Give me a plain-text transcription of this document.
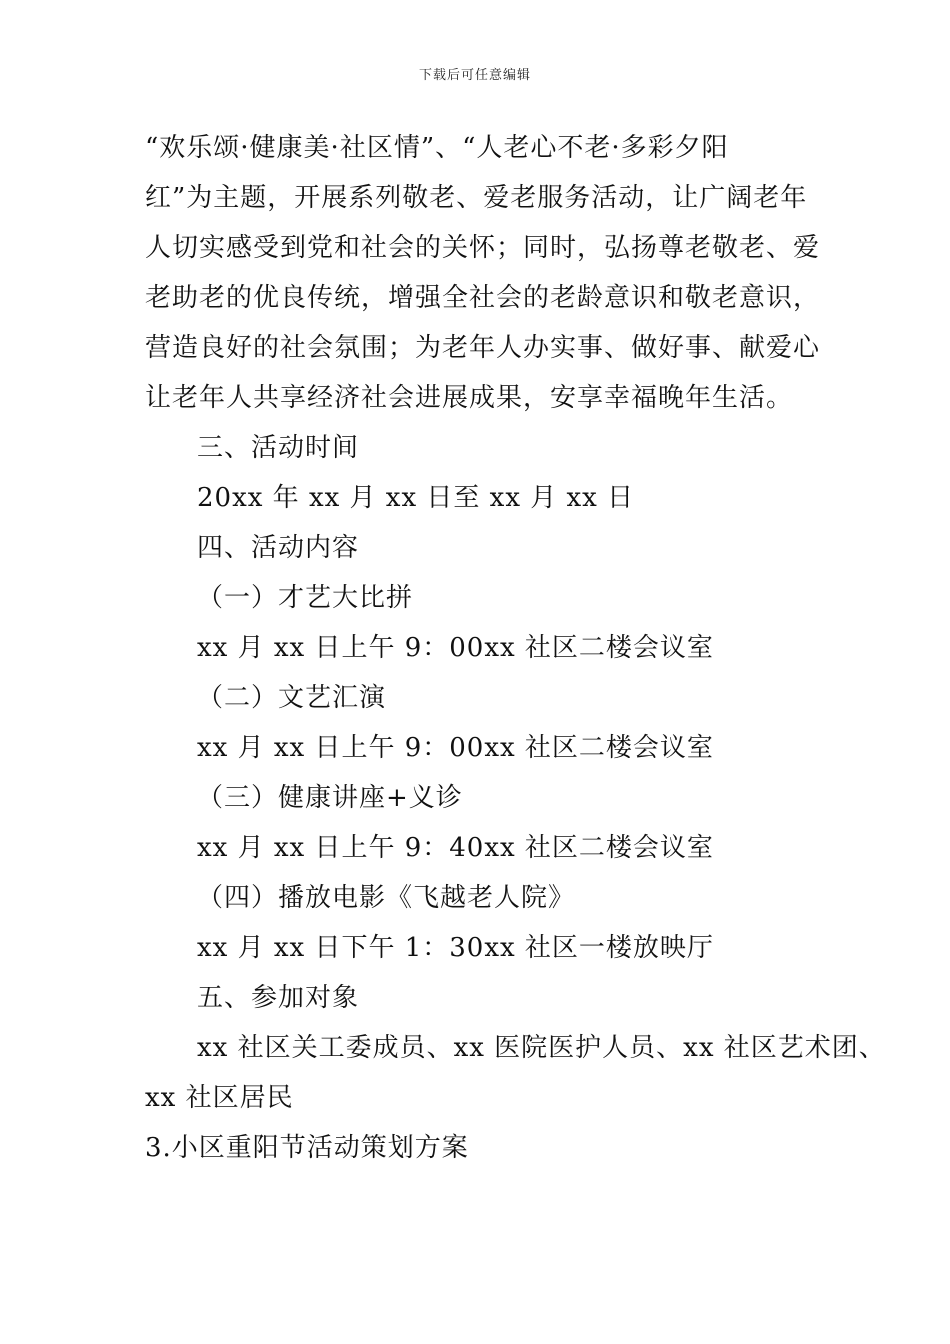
下载后可任意编辑
“欢乐颂·健康美·社区情”、“人老心不老·多彩夕阳
红”为主题，开展系列敬老、爱老服务活动，让广阔老年
人切实感受到党和社会的关怀；同时，弘扬尊老敬老、爱
老助老的优良传统，增强全社会的老龄意识和敬老意识，
营造良好的社会氛围；为老年人办实事、做好事、献爱心
让老年人共享经济社会进展成果，安享幸福晚年生活。
三、活动时间
20xx 年 xx 月 xx 日至 xx 月 xx 日
四、活动内容
（一）才艺大比拼
xx 月 xx 日上午 9：00xx 社区二楼会议室
（二）文艺汇演
xx 月 xx 日上午 9：00xx 社区二楼会议室
（三）健康讲座+义诊
xx 月 xx 日上午 9：40xx 社区二楼会议室
（四）播放电影《飞越老人院》
xx 月 xx 日下午 1：30xx 社区一楼放映厅
五、参加对象
xx 社区关工委成员、xx 医院医护人员、xx 社区艺术团、
xx 社区居民
3.小区重阳节活动策划方案
